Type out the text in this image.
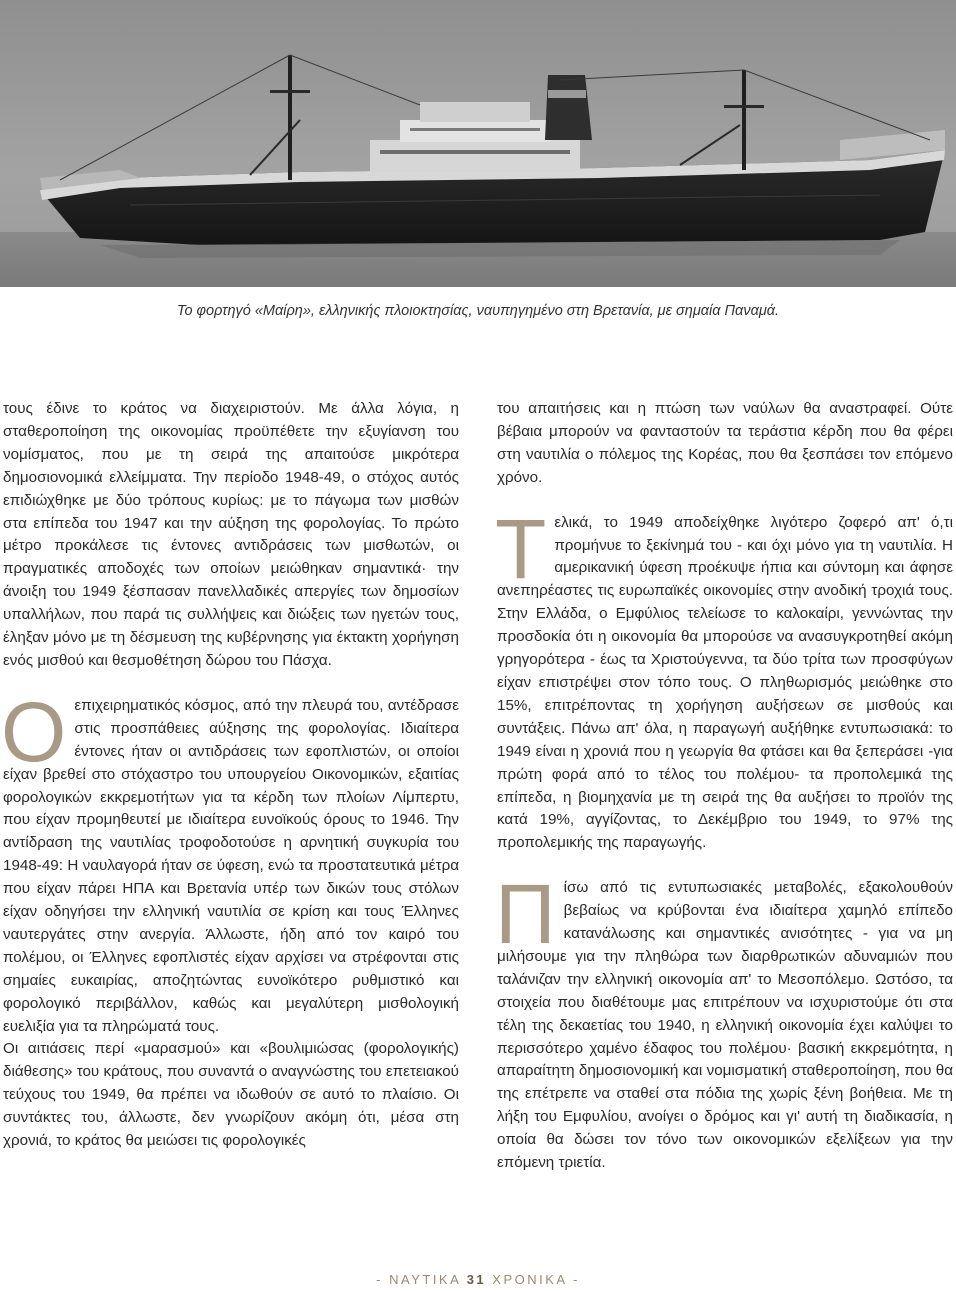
Το φορτηγό «Μαίρη», ελληνικής πλοιοκτησίας, ναυπηγημένο στη Βρετανία, με σημαία Παναμά.

τους έδινε το κράτος να διαχειριστούν. Με άλλα λόγια, η σταθεροποίηση της οικονομίας προϋπέθετε την εξυγίανση του νομίσματος, που με τη σειρά της απαιτούσε μικρότερα δημοσιονομικά ελλείμματα. Την περίοδο 1948-49, ο στόχος αυτός επιδιώχθηκε με δύο τρόπους κυρίως: με το πάγωμα των μισθών στα επίπεδα του 1947 και την αύξηση της φορολογίας. Το πρώτο μέτρο προκάλεσε τις έντονες αντιδράσεις των μισθωτών, οι πραγματικές αποδοχές των οποίων μειώθηκαν σημαντικά· την άνοιξη του 1949 ξέσπασαν πανελλαδικές απεργίες των δημοσίων υπαλλήλων, που παρά τις συλλήψεις και διώξεις των ηγετών τους, έληξαν μόνο με τη δέσμευση της κυβέρνησης για έκτακτη χορήγηση ενός μισθού και θεσμοθέτηση δώρου του Πάσχα.

Οεπιχειρηματικός κόσμος, από την πλευρά του, αντέδρασε στις προσπάθειες αύξησης της φορολογίας. Ιδιαίτερα έντονες ήταν οι αντιδράσεις των εφοπλιστών, οι οποίοι είχαν βρεθεί στο στόχαστρο του υπουργείου Οικονομικών, εξαιτίας φορολογικών εκκρεμοτήτων για τα κέρδη των πλοίων Λίμπερτυ, που είχαν προμηθευτεί με ιδιαίτερα ευνοϊκούς όρους το 1946. Την αντίδραση της ναυτιλίας τροφοδοτούσε η αρνητική συγκυρία του 1948-49: Η ναυλαγορά ήταν σε ύφεση, ενώ τα προστατευτικά μέτρα που είχαν πάρει ΗΠΑ και Βρετανία υπέρ των δικών τους στόλων είχαν οδηγήσει την ελληνική ναυτιλία σε κρίση και τους Έλληνες ναυτεργάτες στην ανεργία. Άλλωστε, ήδη από τον καιρό του πολέμου, οι Έλληνες εφοπλιστές είχαν αρχίσει να στρέφονται στις σημαίες ευκαιρίας, αποζητώντας ευνοϊκότερο ρυθμιστικό και φορολογικό περιβάλλον, καθώς και μεγαλύτερη μισθολογική ευελιξία για τα πληρώματά τους.

Οι αιτιάσεις περί «μαρασμού» και «βουλιμιώσας (φορολογικής) διάθεσης» του κράτους, που συναντά ο αναγνώστης του επετειακού τεύχους του 1949, θα πρέπει να ιδωθούν σε αυτό το πλαίσιο. Οι συντάκτες του, άλλωστε, δεν γνωρίζουν ακόμη ότι, μέσα στη χρονιά, το κράτος θα μειώσει τις φορολογικές

του απαιτήσεις και η πτώση των ναύλων θα αναστραφεί. Ούτε βέβαια μπορούν να φανταστούν τα τεράστια κέρδη που θα φέρει στη ναυτιλία ο πόλεμος της Κορέας, που θα ξεσπάσει τον επόμενο χρόνο.

Τελικά, το 1949 αποδείχθηκε λιγότερο ζοφερό απ' ό,τι προμήνυε το ξεκίνημά του - και όχι μόνο για τη ναυτιλία. Η αμερικανική ύφεση προέκυψε ήπια και σύντομη και άφησε ανεπηρέαστες τις ευρωπαϊκές οικονομίες στην ανοδική τροχιά τους. Στην Ελλάδα, ο Εμφύλιος τελείωσε το καλοκαίρι, γεννώντας την προσδοκία ότι η οικονομία θα μπορούσε να ανασυγκροτηθεί ακόμη γρηγορότερα - έως τα Χριστούγεννα, τα δύο τρίτα των προσφύγων είχαν επιστρέψει στον τόπο τους. Ο πληθωρισμός μειώθηκε στο 15%, επιτρέποντας τη χορήγηση αυξήσεων σε μισθούς και συντάξεις. Πάνω απ' όλα, η παραγωγή αυξήθηκε εντυπωσιακά: το 1949 είναι η χρονιά που η γεωργία θα φτάσει και θα ξεπεράσει -για πρώτη φορά από το τέλος του πολέμου- τα προπολεμικά της επίπεδα, η βιομηχανία με τη σειρά της θα αυξήσει το προϊόν της κατά 19%, αγγίζοντας, το Δεκέμβριο του 1949, το 97% της προπολεμικής της παραγωγής.

Πίσω από τις εντυπωσιακές μεταβολές, εξακολουθούν βεβαίως να κρύβονται ένα ιδιαίτερα χαμηλό επίπεδο κατανάλωσης και σημαντικές ανισότητες - για να μη μιλήσουμε για την πληθώρα των διαρθρωτικών αδυναμιών που ταλάνιζαν την ελληνική οικονομία απ' το Μεσοπόλεμο. Ωστόσο, τα στοιχεία που διαθέτουμε μας επιτρέπουν να ισχυριστούμε ότι στα τέλη της δεκαετίας του 1940, η ελληνική οικονομία έχει καλύψει το περισσότερο χαμένο έδαφος του πολέμου· βασική εκκρεμότητα, η απαραίτητη δημοσιονομική και νομισματική σταθεροποίηση, που θα της επέτρεπε να σταθεί στα πόδια της χωρίς ξένη βοήθεια. Με τη λήξη του Εμφυλίου, ανοίγει ο δρόμος και γι' αυτή τη διαδικασία, η οποία θα δώσει τον τόνο των οικονομικών εξελίξεων για την επόμενη τριετία.

- ΝΑΥΤΙΚΑ 31 ΧΡΟΝΙΚΑ -
